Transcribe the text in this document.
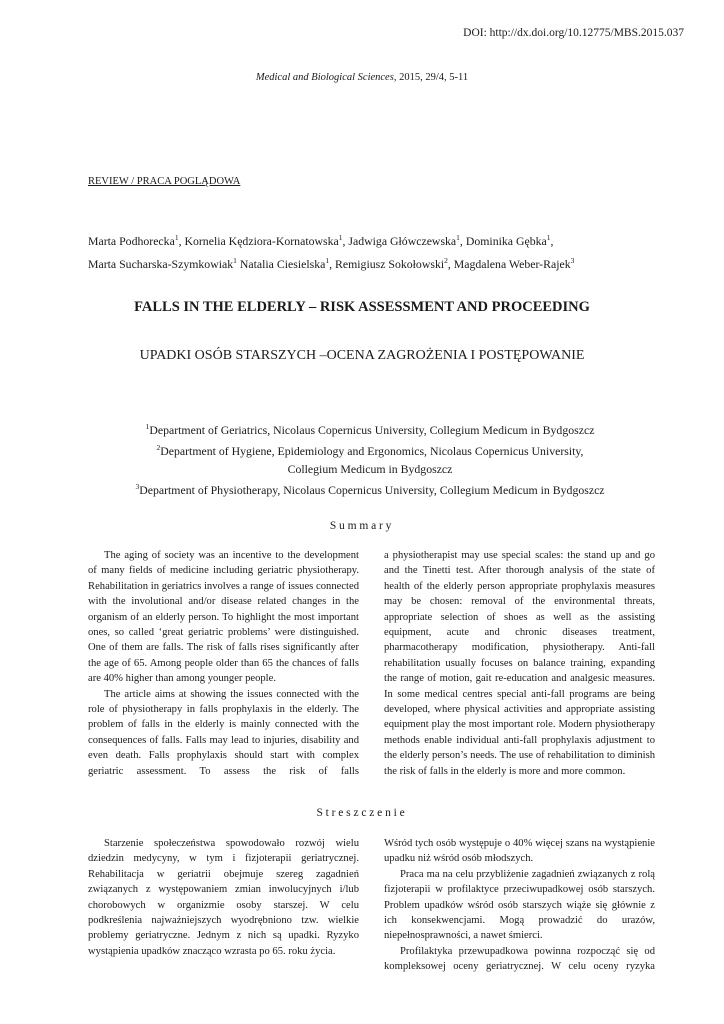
DOI: http://dx.doi.org/10.12775/MBS.2015.037
Medical and Biological Sciences, 2015, 29/4, 5-11
REVIEW / PRACA POGLĄDOWA
Marta Podhorecka$^1$, Kornelia Kędziora-Kornatowska$^1$, Jadwiga Główczewska$^1$, Dominika Gębka$^1$,
Marta Sucharska-Szymkowiak$^1$ Natalia Ciesielska$^1$, Remigiusz Sokołowski$^2$, Magdalena Weber-Rajek$^3$
FALLS IN THE ELDERLY – RISK ASSESSMENT AND PROCEEDING
UPADKI OSÓB STARSZYCH –OCENA ZAGROŻENIA I POSTĘPOWANIE
$^1$Department of Geriatrics, Nicolaus Copernicus University, Collegium Medicum in Bydgoszcz
$^2$Department of Hygiene, Epidemiology and Ergonomics, Nicolaus Copernicus University,
Collegium Medicum in Bydgoszcz
$^3$Department of Physiotherapy, Nicolaus Copernicus University, Collegium Medicum in Bydgoszcz
Summary

The aging of society was an incentive to the development of many fields of medicine including geriatric physiotherapy. Rehabilitation in geriatrics involves a range of issues connected with the involutional and/or disease related changes in the organism of an elderly person. To highlight the most important ones, so called ‘great geriatric problems’ were distinguished. One of them are falls. The risk of falls rises significantly after the age of 65. Among people older than 65 the chances of falls are 40% higher than among younger people.

The article aims at showing the issues connected with the role of physiotherapy in falls prophylaxis in the elderly. The problem of falls in the elderly is mainly connected with the consequences of falls. Falls may lead to injuries, disability and even death. Falls prophylaxis should start with complex geriatric assessment. To assess the risk of falls

a physiotherapist may use special scales: the stand up and go and the Tinetti test. After thorough analysis of the state of health of the elderly person appropriate prophylaxis measures may be chosen: removal of the environmental threats, appropriate selection of shoes as well as the assisting equipment, acute and chronic diseases treatment, pharmacotherapy modification, physiotherapy. Anti-fall rehabilitation usually focuses on balance training, expanding the range of motion, gait re-education and analgesic measures. In some medical centres special anti-fall programs are being developed, where physical activities and appropriate assisting equipment play the most important role. Modern physiotherapy methods enable individual anti-fall prophylaxis adjustment to the elderly person’s needs. The use of rehabilitation to diminish the risk of falls in the elderly is more and more common.

Streszczenie

Starzenie społeczeństwa spowodowało rozwój wielu dziedzin medycyny, w tym i fizjoterapii geriatrycznej. Rehabilitacja w geriatrii obejmuje szereg zagadnień związanych z występowaniem zmian inwolucyjnych i/lub chorobowych w organizmie osoby starszej. W celu podkreślenia najważniejszych wyodrębniono tzw. wielkie problemy geriatryczne. Jednym z nich są upadki. Ryzyko wystąpienia upadków znacząco wzrasta po 65. roku życia.

Wśród tych osób występuje o 40% więcej szans na wystąpienie upadku niż wśród osób młodszych.

Praca ma na celu przybliżenie zagadnień związanych z rolą fizjoterapii w profilaktyce przeciwupadkowej osób starszych. Problem upadków wśród osób starszych wiąże się głównie z ich konsekwencjami. Mogą prowadzić do urazów, niepełnosprawności, a nawet śmierci.

Profilaktyka przewupadkowa powinna rozpocząć się od kompleksowej oceny geriatrycznej. W celu oceny ryzyka
